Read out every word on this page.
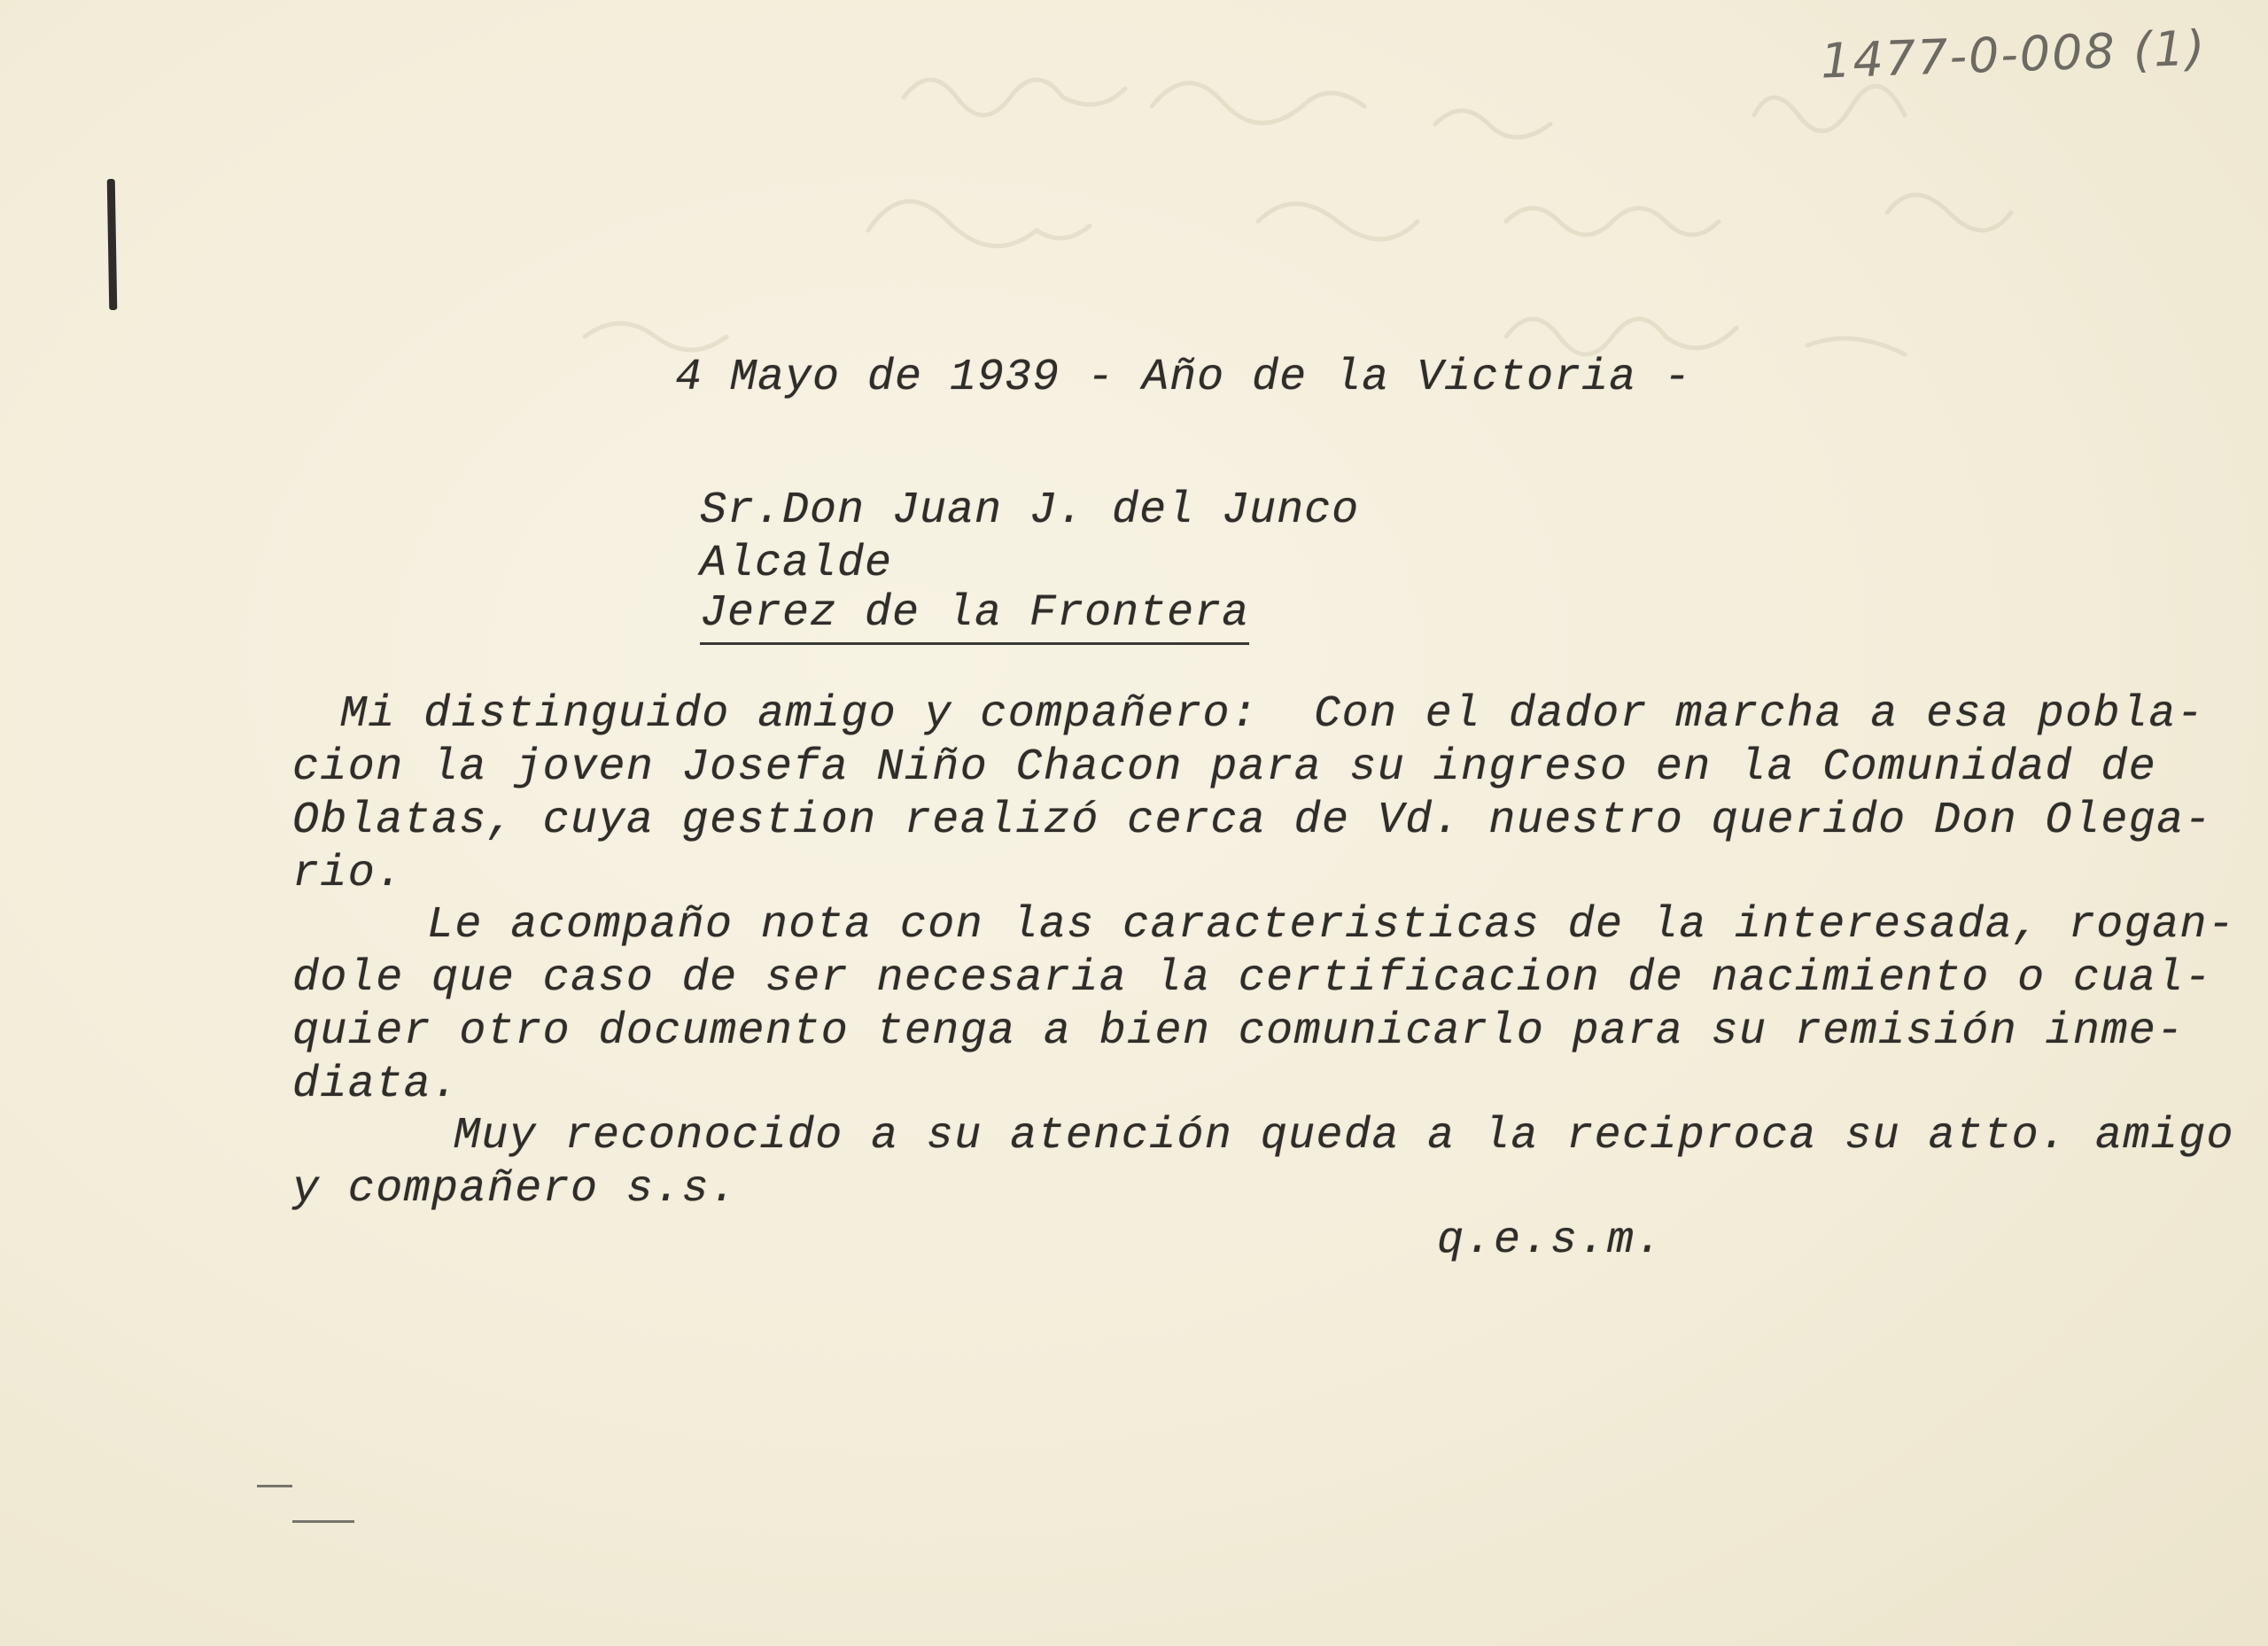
1477-0-008 (1)
4 Mayo de 1939 - Año de la Victoria -
Sr.Don Juan J. del Junco
Alcalde
Jerez de la Frontera
Mi distinguido amigo y compañero:  Con el dador marcha a esa pobla-
cion la joven Josefa Niño Chacon para su ingreso en la Comunidad de
Oblatas, cuya gestion realizó cerca de Vd. nuestro querido Don Olega-
rio.
Le acompaño nota con las caracteristicas de la interesada, rogan-
dole que caso de ser necesaria la certificacion de nacimiento o cual-
quier otro documento tenga a bien comunicarlo para su remisión inme-
diata.
Muy reconocido a su atención queda a la reciproca su atto. amigo
y compañero s.s.
q.e.s.m.
